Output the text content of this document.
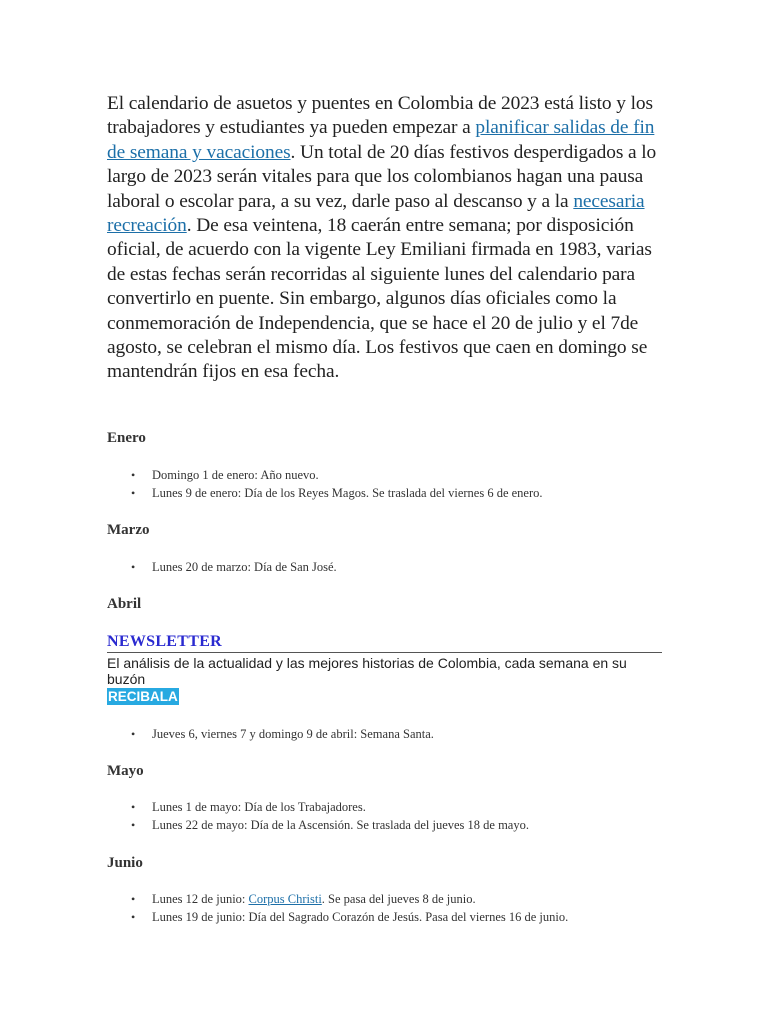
El calendario de asuetos y puentes en Colombia de 2023 está listo y los trabajadores y estudiantes ya pueden empezar a planificar salidas de fin de semana y vacaciones. Un total de 20 días festivos desperdigados a lo largo de 2023 serán vitales para que los colombianos hagan una pausa laboral o escolar para, a su vez, darle paso al descanso y a la necesaria recreación. De esa veintena, 18 caerán entre semana; por disposición oficial, de acuerdo con la vigente Ley Emiliani firmada en 1983, varias de estas fechas serán recorridas al siguiente lunes del calendario para convertirlo en puente. Sin embargo, algunos días oficiales como la conmemoración de Independencia, que se hace el 20 de julio y el 7de agosto, se celebran el mismo día. Los festivos que caen en domingo se mantendrán fijos en esa fecha.

Enero
• Domingo 1 de enero: Año nuevo.
• Lunes 9 de enero: Día de los Reyes Magos. Se traslada del viernes 6 de enero.
Marzo
• Lunes 20 de marzo: Día de San José.
Abril
NEWSLETTER
El análisis de la actualidad y las mejores historias de Colombia, cada semana en su buzón
RECIBALA
• Jueves 6, viernes 7 y domingo 9 de abril: Semana Santa.
Mayo
• Lunes 1 de mayo: Día de los Trabajadores.
• Lunes 22 de mayo: Día de la Ascensión. Se traslada del jueves 18 de mayo.
Junio
• Lunes 12 de junio: Corpus Christi. Se pasa del jueves 8 de junio.
• Lunes 19 de junio: Día del Sagrado Corazón de Jesús. Pasa del viernes 16 de junio.
